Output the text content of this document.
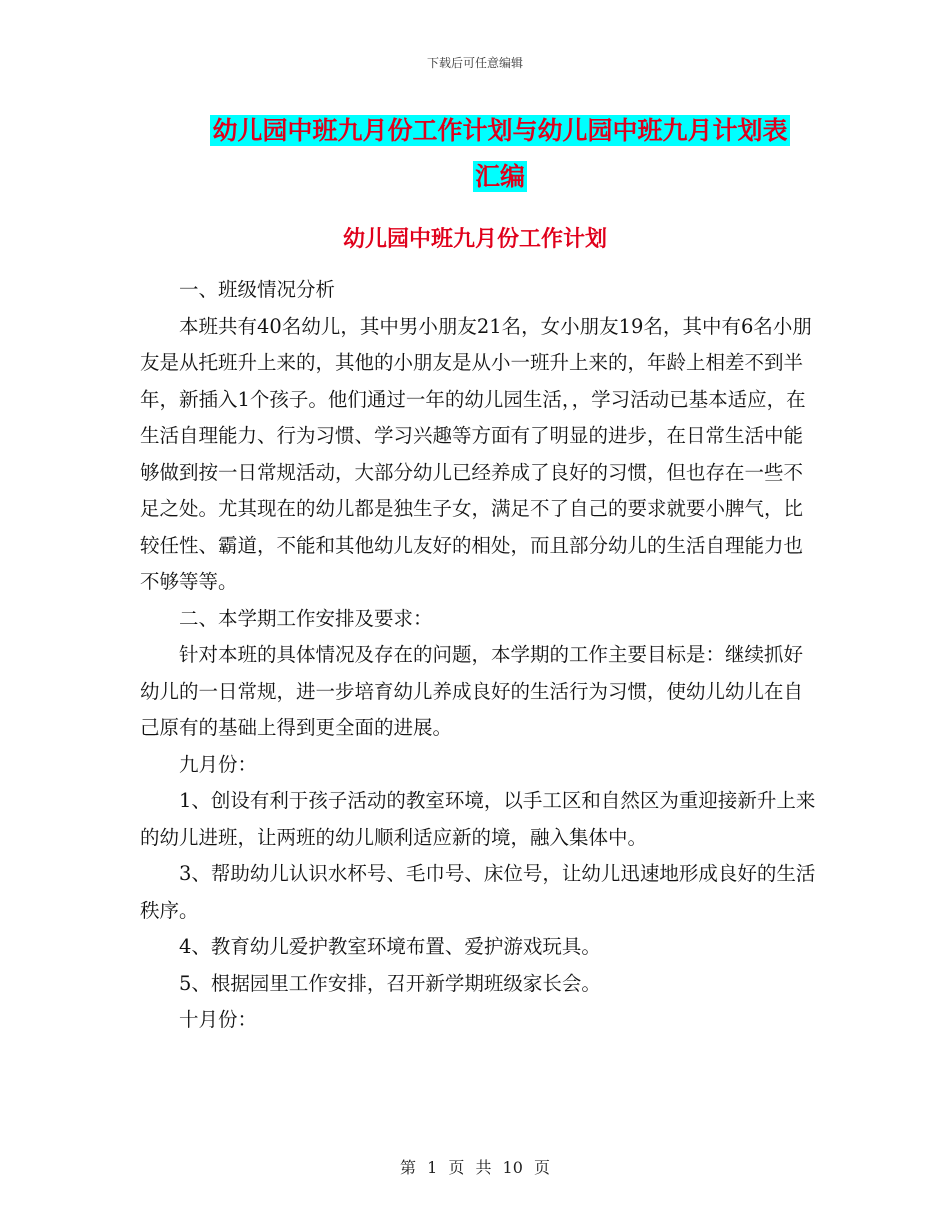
下载后可任意编辑
幼儿园中班九月份工作计划与幼儿园中班九月计划表
汇编
幼儿园中班九月份工作计划

一、班级情况分析

本班共有40名幼儿，其中男小朋友21名，女小朋友19名，其中有6名小朋友是从托班升上来的，其他的小朋友是从小一班升上来的，年龄上相差不到半年，新插入1个孩子。他们通过一年的幼儿园生活，，学习活动已基本适应，在生活自理能力、行为习惯、学习兴趣等方面有了明显的进步，在日常生活中能够做到按一日常规活动，大部分幼儿已经养成了良好的习惯，但也存在一些不足之处。尤其现在的幼儿都是独生子女，满足不了自己的要求就要小脾气，比较任性、霸道，不能和其他幼儿友好的相处，而且部分幼儿的生活自理能力也不够等等。

二、本学期工作安排及要求：

针对本班的具体情况及存在的问题，本学期的工作主要目标是：继续抓好幼儿的一日常规，进一步培育幼儿养成良好的生活行为习惯，使幼儿幼儿在自己原有的基础上得到更全面的进展。

九月份：

1、创设有利于孩子活动的教室环境，以手工区和自然区为重迎接新升上来的幼儿进班，让两班的幼儿顺利适应新的境，融入集体中。

3、帮助幼儿认识水杯号、毛巾号、床位号，让幼儿迅速地形成良好的生活秩序。

4、教育幼儿爱护教室环境布置、爱护游戏玩具。

5、根据园里工作安排，召开新学期班级家长会。

十月份：

第 1 页 共 10 页
